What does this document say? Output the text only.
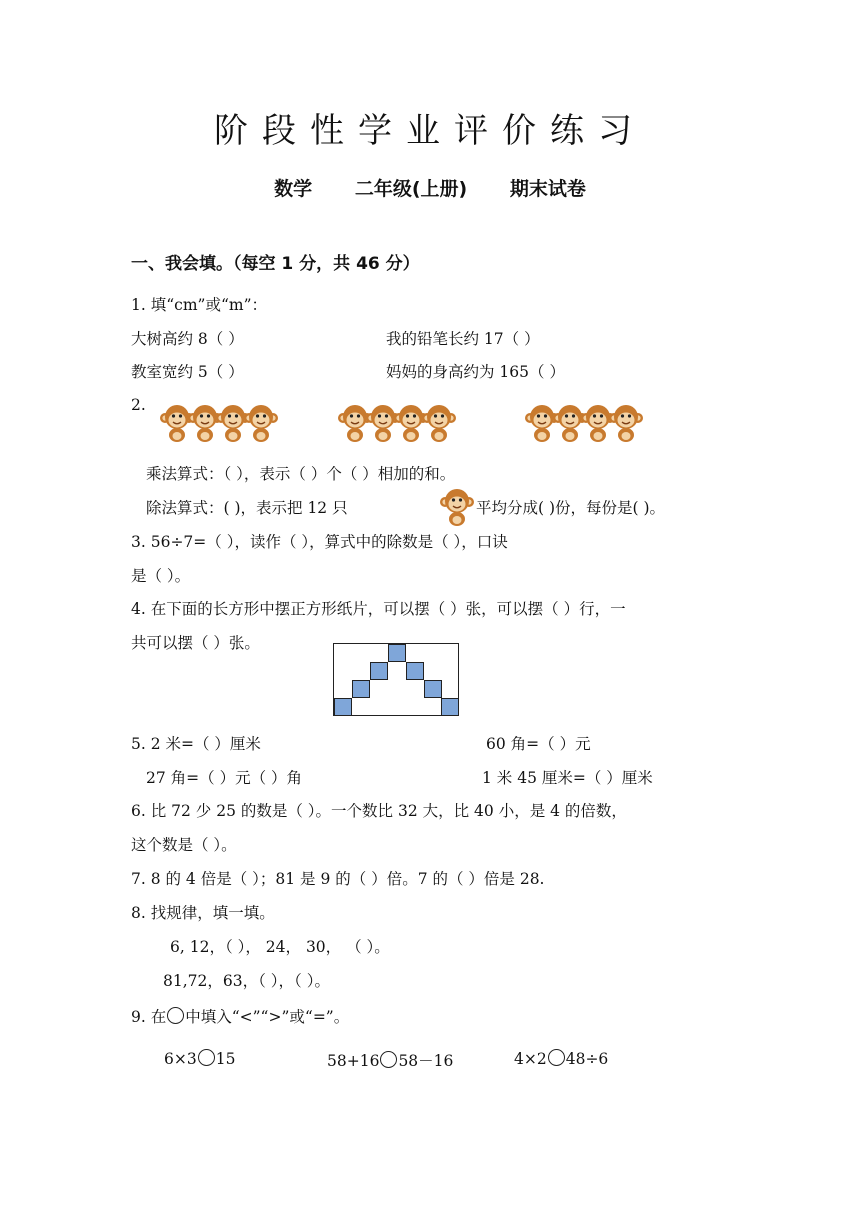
阶段性学业评价练习
数学 二年级(上册) 期末试卷
一、我会填。（每空 1 分，共 46 分）
1. 填“cm”或“m”：
大树高约 8（ ）	我的铅笔长约 17（ ）
教室宽约 5（ ）	妈妈的身高约为 165（ ）
2.
乘法算式：（ ），表示（ ）个（ ）相加的和。
除法算式：( )，表示把 12 只	平均分成( )份，每份是( )。
3. 56÷7=（ ），读作（ ），算式中的除数是（ ），口诀
是（ ）。
4. 在下面的长方形中摆正方形纸片，可以摆（ ）张，可以摆（ ）行，一
共可以摆（ ）张。
5. 2 米=（ ）厘米	60 角=（ ）元
27 角=（ ）元（ ）角	1 米 45 厘米=（ ）厘米
6. 比 72 少 25 的数是（ ）。一个数比 32 大，比 40 小，是 4 的倍数，
这个数是（ ）。
7. 8 的 4 倍是（ ）；81 是 9 的（ ）倍。7 的（ ）倍是 28.
8. 找规律，填一填。
6, 12，（ ）， 24， 30， （ ）。
81,72，63，（ ），（ ）。
9. 在 中填入“<”“>”或“=”。
6×3 15	58+16 58－16	4×2 48÷6
